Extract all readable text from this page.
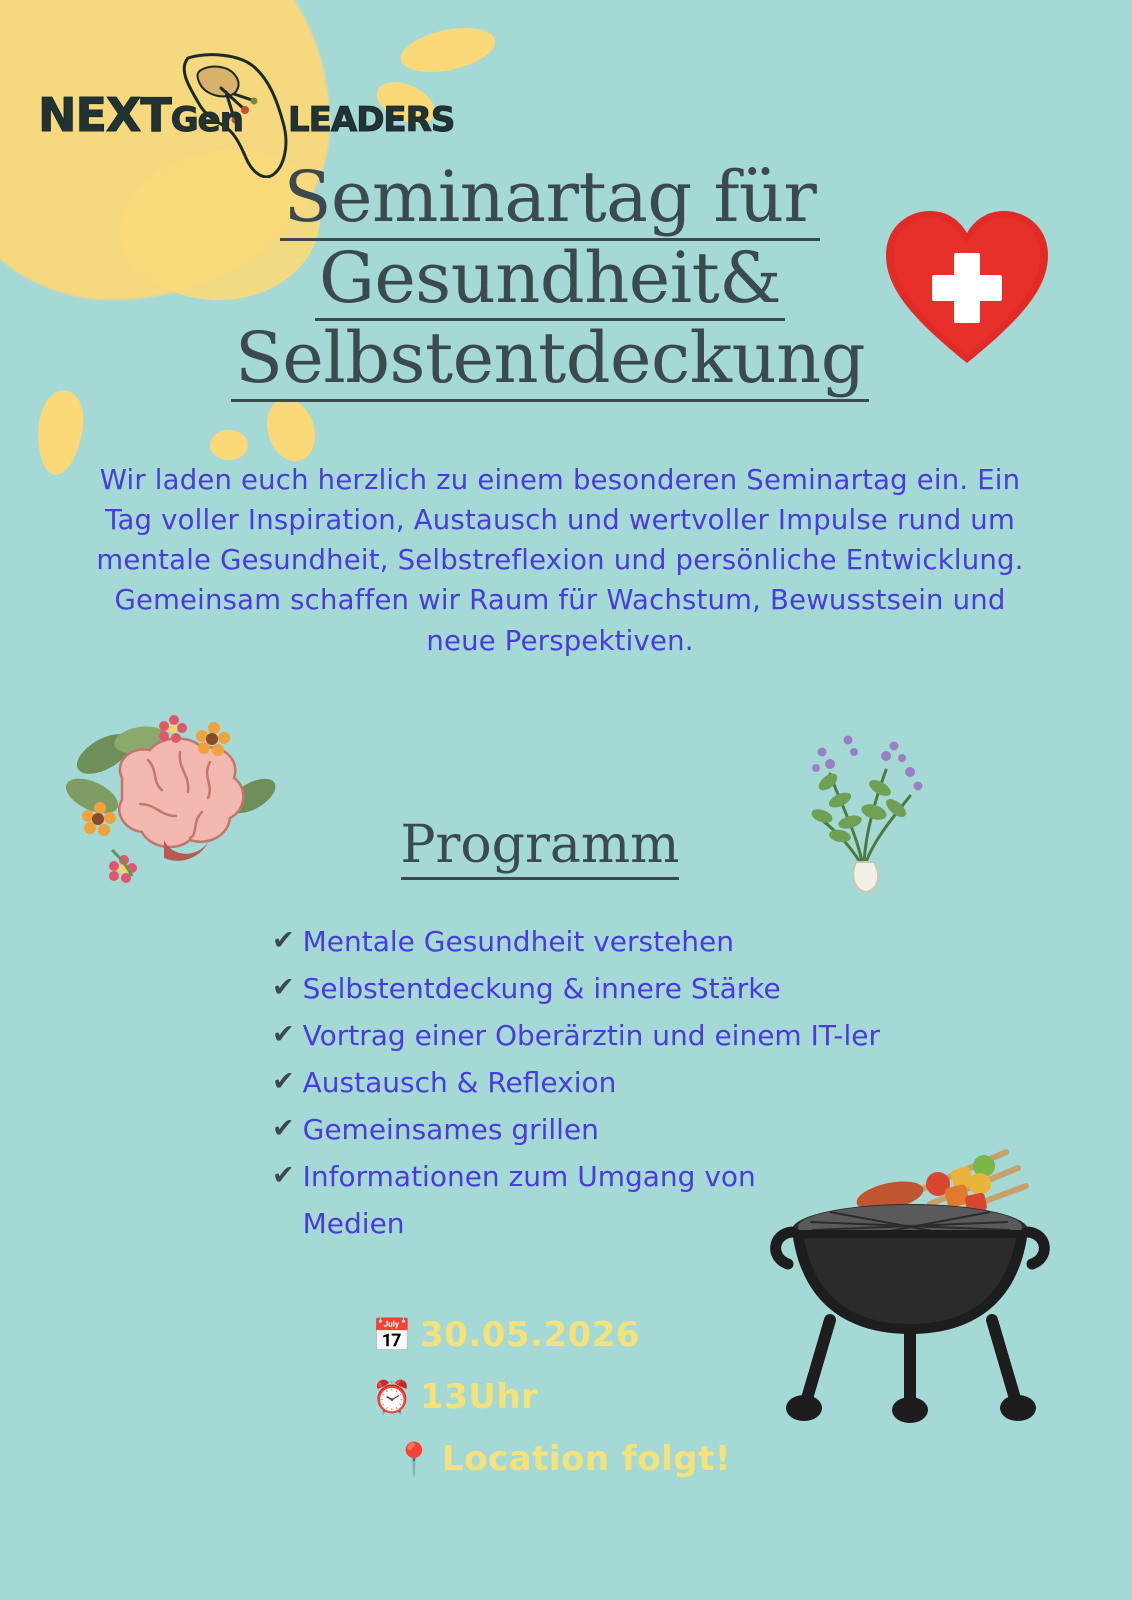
NEXTGen LEADERS
Seminartag für
Gesundheit&
Selbstentdeckung
Wir laden euch herzlich zu einem besonderen Seminartag ein. Ein Tag voller Inspiration, Austausch und wertvoller Impulse rund um mentale Gesundheit, Selbstreflexion und persönliche Entwicklung. Gemeinsam schaffen wir Raum für Wachstum, Bewusstsein und neue Perspektiven.
Programm
✔ Mentale Gesundheit verstehen
✔ Selbstentdeckung & innere Stärke
✔ Vortrag einer Oberärztin und einem IT-ler
✔ Austausch & Reflexion
✔ Gemeinsames grillen
✔ Informationen zum Umgang von Medien
📅 30.05.2026
⏰ 13Uhr
📍 Location folgt!
